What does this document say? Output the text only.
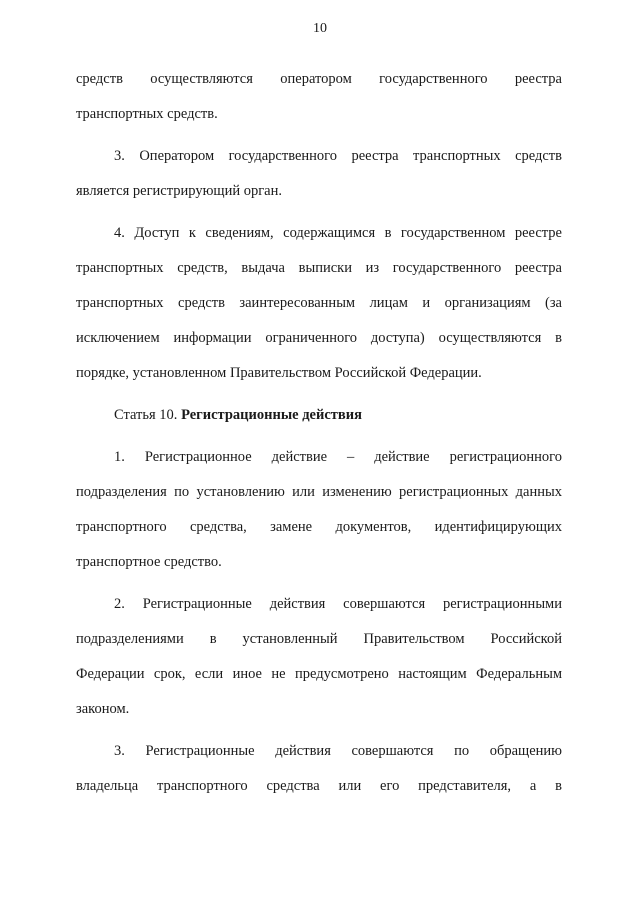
10
средств осуществляются оператором государственного реестра
транспортных средств.
3. Оператором государственного реестра транспортных средств
является регистрирующий орган.
4. Доступ к сведениям, содержащимся в государственном реестре
транспортных средств, выдача выписки из государственного реестра
транспортных средств заинтересованным лицам и организациям (за
исключением информации ограниченного доступа) осуществляются в
порядке, установленном Правительством Российской Федерации.
Статья 10. Регистрационные действия
1. Регистрационное действие – действие регистрационного
подразделения по установлению или изменению регистрационных данных
транспортного средства, замене документов, идентифицирующих
транспортное средство.
2. Регистрационные действия совершаются регистрационными
подразделениями в установленный Правительством Российской
Федерации срок, если иное не предусмотрено настоящим Федеральным
законом.
3. Регистрационные действия совершаются по обращению
владельца транспортного средства или его представителя, а в
